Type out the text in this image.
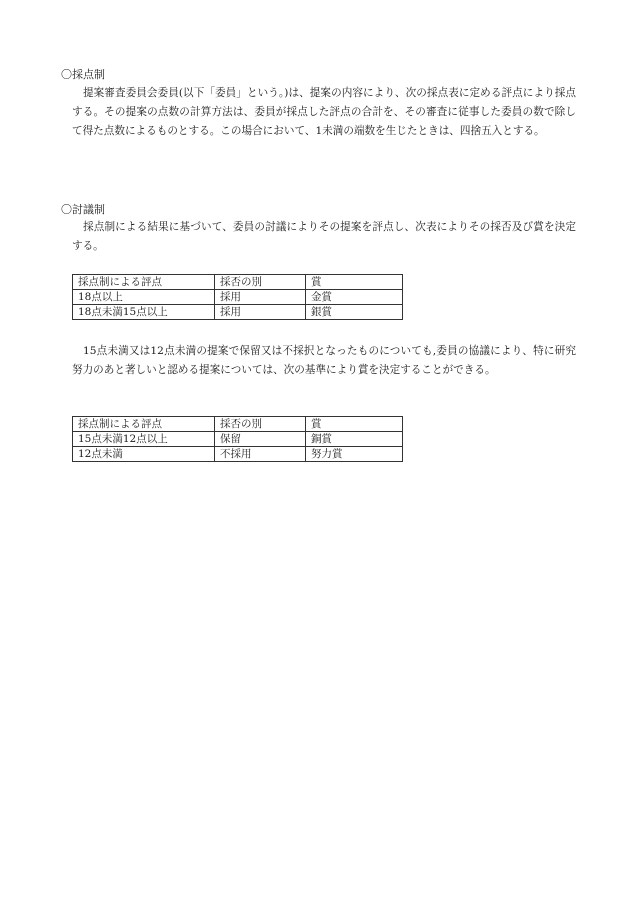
〇採点制

提案審査委員会委員(以下「委員」という。)は、提案の内容により、次の採点表に定める評点により採点する。その提案の点数の計算方法は、委員が採点した評点の合計を、その審査に従事した委員の数で除して得た点数によるものとする。この場合において、1未満の端数を生じたときは、四捨五入とする。

〇討議制

採点制による結果に基づいて、委員の討議によりその提案を評点し、次表によりその採否及び賞を決定する。

採点制による評点	採否の別	賞
18点以上	採用	金賞
18点未満15点以上	採用	銀賞

15点未満又は12点未満の提案で保留又は不採択となったものについても,委員の協議により、特に研究努力のあと著しいと認める提案については、次の基準により賞を決定することができる。

採点制による評点	採否の別	賞
15点未満12点以上	保留	銅賞
12点未満	不採用	努力賞
